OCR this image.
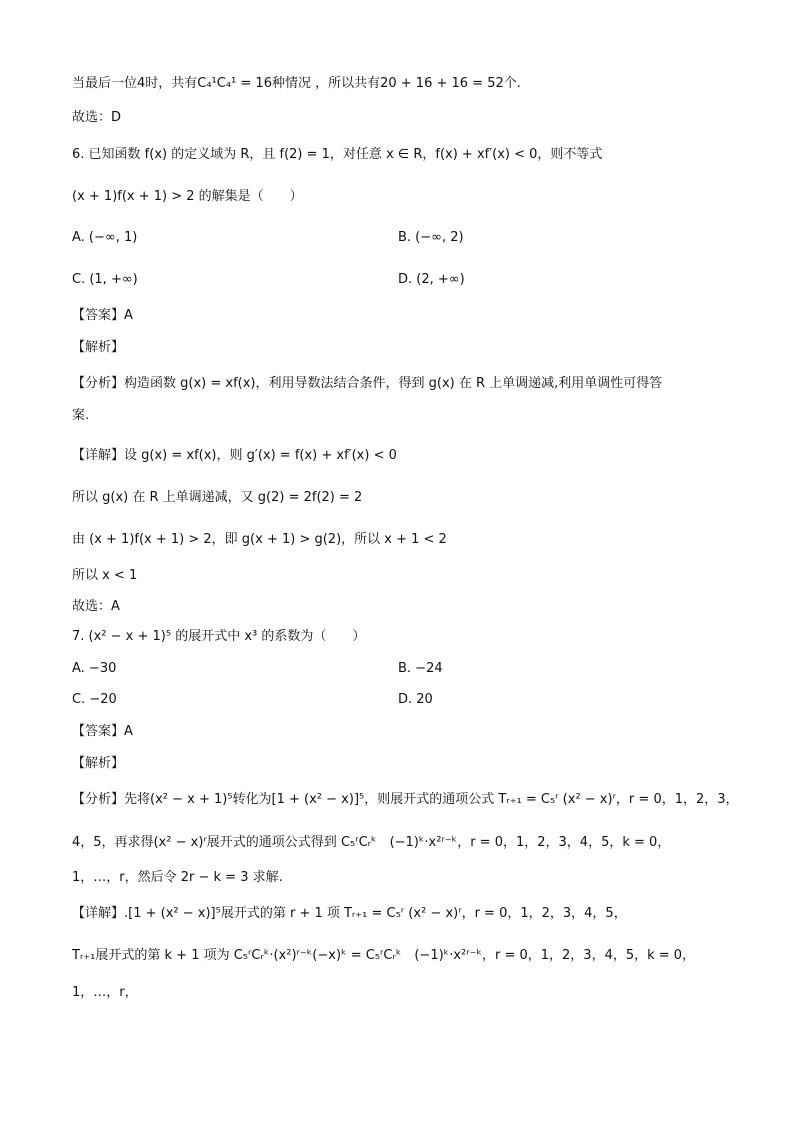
当最后一位4时，共有C₄¹C₄¹ = 16种情况 ，所以共有20 + 16 + 16 = 52个.
故选：D
6. 已知函数 f(x) 的定义域为 R，且 f(2) = 1，对任意 x ∈ R，f(x) + xf′(x) < 0，则不等式
(x + 1)f(x + 1) > 2 的解集是（　　）
A. (−∞, 1)	B. (−∞, 2)
C. (1, +∞)	D. (2, +∞)
【答案】A
【解析】
【分析】构造函数 g(x) = xf(x)，利用导数法结合条件，得到 g(x) 在 R 上单调递减,利用单调性可得答
案.
【详解】设 g(x) = xf(x)，则 g′(x) = f(x) + xf′(x) < 0
所以 g(x) 在 R 上单调递减，又 g(2) = 2f(2) = 2
由 (x + 1)f(x + 1) > 2，即 g(x + 1) > g(2)，所以 x + 1 < 2
所以 x < 1
故选：A
7. (x² − x + 1)⁵ 的展开式中 x³ 的系数为（　　）
A. −30	B. −24
C. −20	D. 20
【答案】A
【解析】
【分析】先将(x² − x + 1)⁵转化为[1 + (x² − x)]⁵，则展开式的通项公式 Tᵣ₊₁ = C₅ʳ (x² − x)ʳ，r = 0，1，2，3，
4，5，再求得(x² − x)ʳ展开式的通项公式得到 C₅ʳCᵣᵏ　(−1)ᵏ·x²ʳ⁻ᵏ，r = 0，1，2，3，4，5，k = 0，
1，…，r，然后令 2r − k = 3 求解.
【详解】.[1 + (x² − x)]⁵展开式的第 r + 1 项 Tᵣ₊₁ = C₅ʳ (x² − x)ʳ，r = 0，1，2，3，4，5，
Tᵣ₊₁展开式的第 k + 1 项为 C₅ʳCᵣᵏ·(x²)ʳ⁻ᵏ(−x)ᵏ = C₅ʳCᵣᵏ　(−1)ᵏ·x²ʳ⁻ᵏ，r = 0，1，2，3，4，5，k = 0，
1，…，r，
